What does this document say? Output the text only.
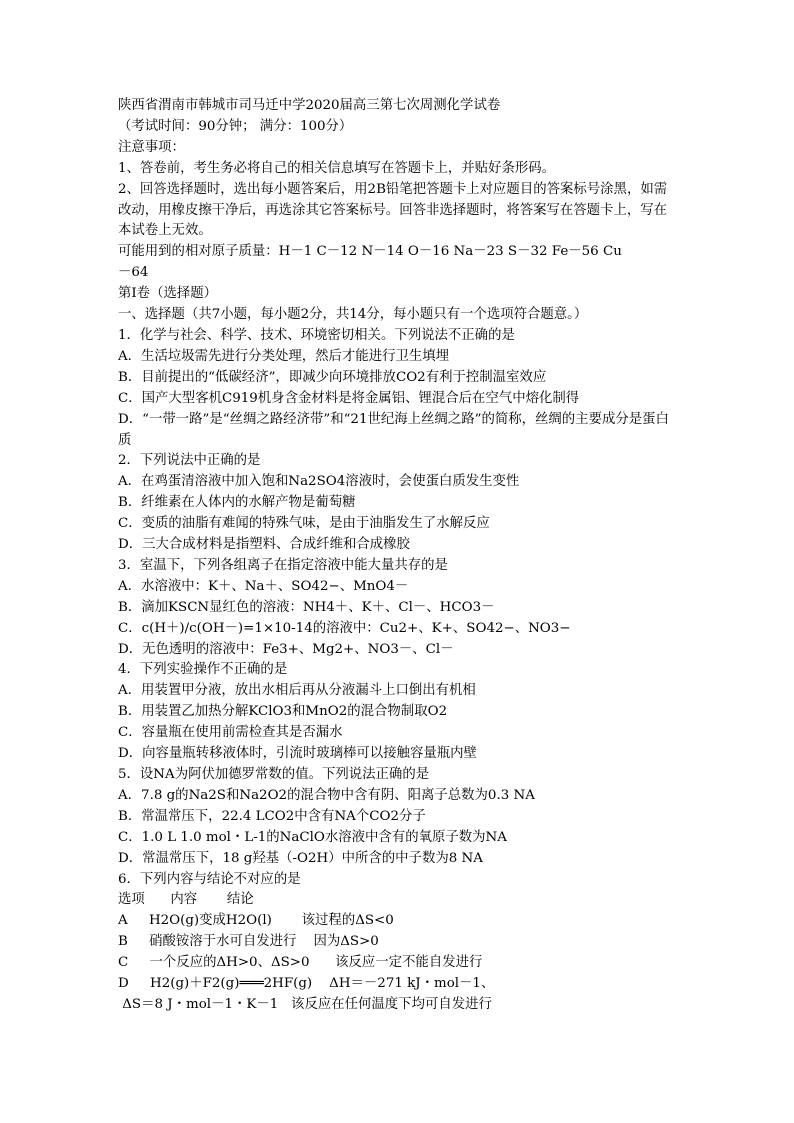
陕西省渭南市韩城市司马迁中学2020届高三第七次周测化学试卷
（考试时间：90分钟； 满分：100分）
注意事项：
1、答卷前，考生务必将自己的相关信息填写在答题卡上，并贴好条形码。
2、回答选择题时，选出每小题答案后，用2B铅笔把答题卡上对应题目的答案标号涂黑，如需改动，用橡皮擦干净后，再选涂其它答案标号。回答非选择题时，将答案写在答题卡上，写在本试卷上无效。
可能用到的相对原子质量：H－1 C－12 N－14 O－16 Na－23 S－32 Fe－56 Cu
－64
第Ⅰ卷（选择题）
一、选择题（共7小题，每小题2分，共14分，每小题只有一个选项符合题意。）
1．化学与社会、科学、技术、环境密切相关。下列说法不正确的是
A．生活垃圾需先进行分类处理，然后才能进行卫生填埋
B．目前提出的“低碳经济”，即减少向环境排放CO2有利于控制温室效应
C．国产大型客机C919机身含金材料是将金属铝、锂混合后在空气中熔化制得
D．“一带一路”是“丝绸之路经济带”和“21世纪海上丝绸之路”的简称，丝绸的主要成分是蛋白质
2．下列说法中正确的是
A．在鸡蛋清溶液中加入饱和Na2SO4溶液时，会使蛋白质发生变性
B．纤维素在人体内的水解产物是葡萄糖
C．变质的油脂有难闻的特殊气味，是由于油脂发生了水解反应
D．三大合成材料是指塑料、合成纤维和合成橡胶
3．室温下，下列各组离子在指定溶液中能大量共存的是
A．水溶液中：K＋、Na＋、SO42−、MnO4－
B．滴加KSCN显红色的溶液：NH4＋、K＋、Cl－、HCO3－
C．c(H＋)/c(OH－)=1×10-14的溶液中：Cu2+、K+、SO42−、NO3−
D．无色透明的溶液中：Fe3+、Mg2+、NO3－、Cl－
4．下列实验操作不正确的是
A．用装置甲分液，放出水相后再从分液漏斗上口倒出有机相
B．用装置乙加热分解KClO3和MnO2的混合物制取O2
C．容量瓶在使用前需检查其是否漏水
D．向容量瓶转移液体时，引流时玻璃棒可以接触容量瓶内壁
5．设NA为阿伏加德罗常数的值。下列说法正确的是
A．7.8 g的Na2S和Na2O2的混合物中含有阴、阳离子总数为0.3 NA
B．常温常压下，22.4 LCO2中含有NA个CO2分子
C．1.0 L 1.0 mol・L-1的NaClO水溶液中含有的氧原子数为NA
D．常温常压下，18 g羟基（-O2H）中所含的中子数为8 NA
6．下列内容与结论不对应的是
选项      内容       结论
A     H2O(g)变成H2O(l)       该过程的ΔS<0
B     硝酸铵溶于水可自发进行    因为ΔS>0
C     一个反应的ΔH>0、ΔS>0      该反应一定不能自发进行
D     H2(g)＋F2(g)═══2HF(g)    ΔH＝－271 kJ・mol－1、
ΔS＝8 J・mol－1・K－1   该反应在任何温度下均可自发进行
